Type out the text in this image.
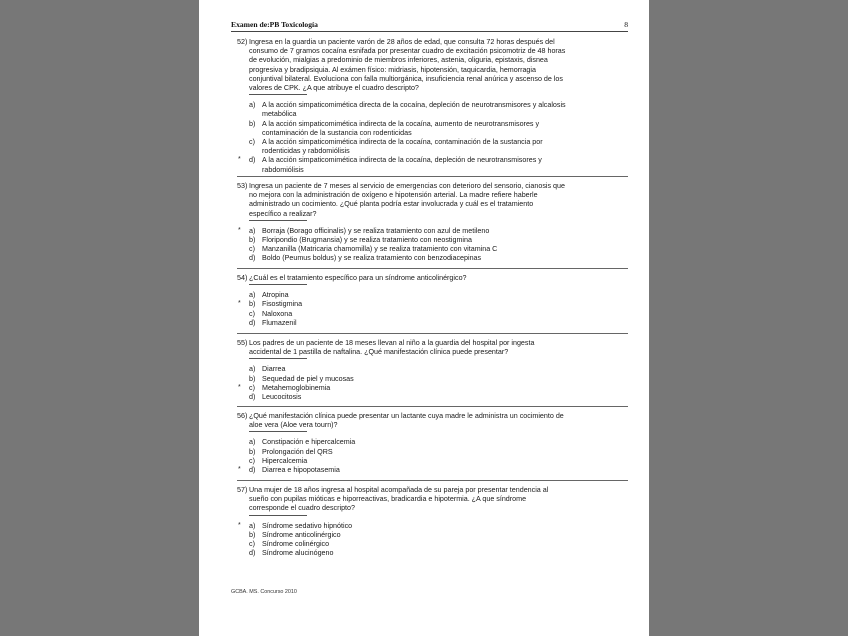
Examen de:PB Toxicología	8
52) Ingresa en la guardia un paciente varón de 28 años de edad, que consulta 72 horas después del consumo de 7 gramos cocaína esnifada por presentar cuadro de excitación psicomotriz de 48 horas de evolución, mialgias a predominio de miembros inferiores, astenia, oliguria, epistaxis, disnea progresiva y bradipsiquia. Al exámen físico: midriasis, hipotensión, taquicardia, hemorragia conjuntival bilateral. Evoluciona con falla multiorgánica, insuficiencia renal anúrica y ascenso de los valores de CPK. ¿A que atribuye el cuadro descripto?
a) A la acción simpaticomimética directa de la cocaína, depleción de neurotransmisores y alcalosis metabólica
b) A la acción simpaticomimética indirecta de la cocaína, aumento de neurotransmisores y contaminación de la sustancia con rodenticidas
c) A la acción simpaticomimética indirecta de la cocaína, contaminación de la sustancia por rodenticidas y rabdomiólisis
* d) A la acción simpaticomimética indirecta de la cocaína, depleción de neurotransmisores y rabdomiólisis
53) Ingresa un paciente de 7 meses al servicio de emergencias con deterioro del sensorio, cianosis que no mejora con la administración de oxígeno e hipotensión arterial. La madre refiere haberle administrado un cocimiento. ¿Qué planta podría estar involucrada y cuál es el tratamiento específico a realizar?
* a) Borraja (Borago officinalis) y se realiza tratamiento con azul de metileno
b) Floripondio (Brugmansia) y se realiza tratamiento con neostigmina
c) Manzanilla (Matricaria chamomilla) y se realiza tratamiento con vitamina C
d) Boldo (Peumus boldus) y se realiza tratamiento con benzodiacepinas
54) ¿Cuál es el tratamiento específico para un síndrome anticolinérgico?
a) Atropina
* b) Fisostigmina
c) Naloxona
d) Flumazenil
55) Los padres de un paciente de 18 meses llevan al niño a la guardia del hospital por ingesta accidental de 1 pastilla de naftalina. ¿Qué manifestación clínica puede presentar?
a) Diarrea
b) Sequedad de piel y mucosas
* c) Metahemoglobinemia
d) Leucocitosis
56) ¿Qué manifestación clínica puede presentar un lactante cuya madre le administra un cocimiento de aloe vera (Aloe vera tourn)?
a) Constipación e hipercalcemia
b) Prolongación del QRS
c) Hipercalcemia
* d) Diarrea e hipopotasemia
57) Una mujer de 18 años ingresa al hospital acompañada de su pareja por presentar tendencia al sueño con pupilas mióticas e hiporreactivas, bradicardia e hipotermia. ¿A que síndrome corresponde el cuadro descripto?
* a) Síndrome sedativo hipnótico
b) Síndrome anticolinérgico
c) Síndrome colinérgico
d) Síndrome alucinógeno
GCBA. MS. Concurso 2010
